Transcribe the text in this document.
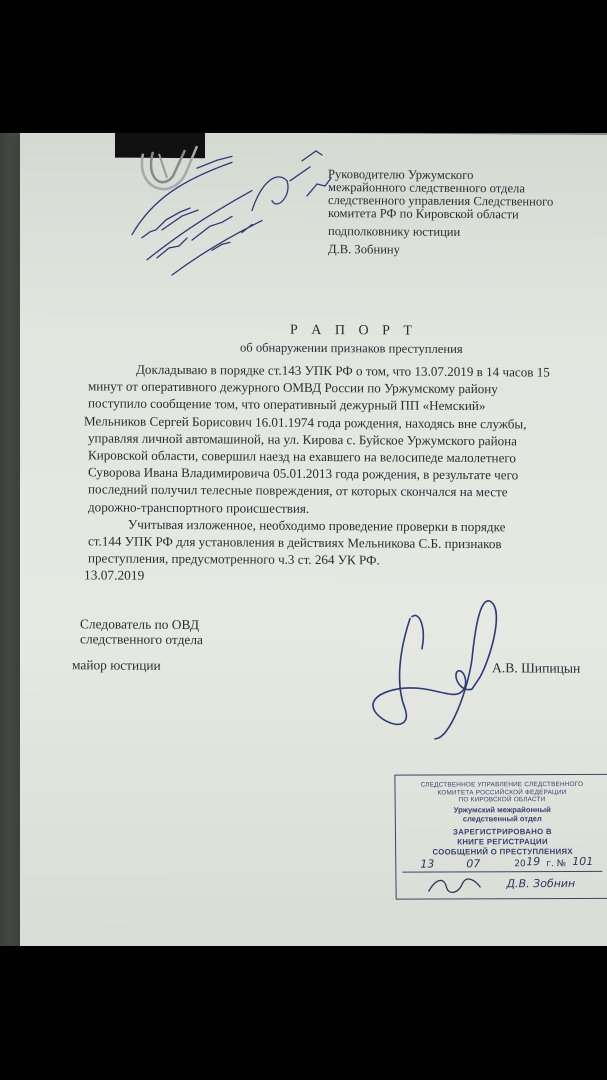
Руководителю Уржумского
межрайонного следственного отдела
следственного управления Следственного
комитета РФ по Кировской области
подполковнику юстиции
Д.В. Зобнину
Р А П О Р Т
об обнаружении признаков преступления
Докладываю в порядке ст.143 УПК РФ о том, что 13.07.2019 в 14 часов 15
минут от оперативного дежурного ОМВД России по Уржумскому району
поступило сообщение том, что оперативный дежурный ПП «Немский»
Мельников Сергей Борисович 16.01.1974 года рождения, находясь вне службы,
управляя личной автомашиной, на ул. Кирова с. Буйское Уржумского района
Кировской области, совершил наезд на ехавшего на велосипеде малолетнего
Суворова Ивана Владимировича 05.01.2013 года рождения, в результате чего
последний получил телесные повреждения, от которых скончался на месте
дорожно-транспортного происшествия.
Учитывая изложенное, необходимо проведение проверки в порядке
ст.144 УПК РФ для установления в действиях Мельникова С.Б. признаков
преступления, предусмотренного ч.3 ст. 264 УК РФ.
13.07.2019
Следователь по ОВД
следственного отдела
майор юстиции	А.В. Шипицын
СЛЕДСТВЕННОЕ УПРАВЛЕНИЕ СЛЕДСТВЕННОГО
КОМИТЕТА РОССИЙСКОЙ ФЕДЕРАЦИИ
ПО КИРОВСКОЙ ОБЛАСТИ
Уржумский межрайонный
следственный отдел
ЗАРЕГИСТРИРОВАНО В
КНИГЕ РЕГИСТРАЦИИ
СООБЩЕНИЙ О ПРЕСТУПЛЕНИЯХ
13	07	20 19 г. № 101
Д.В. Зобнин
